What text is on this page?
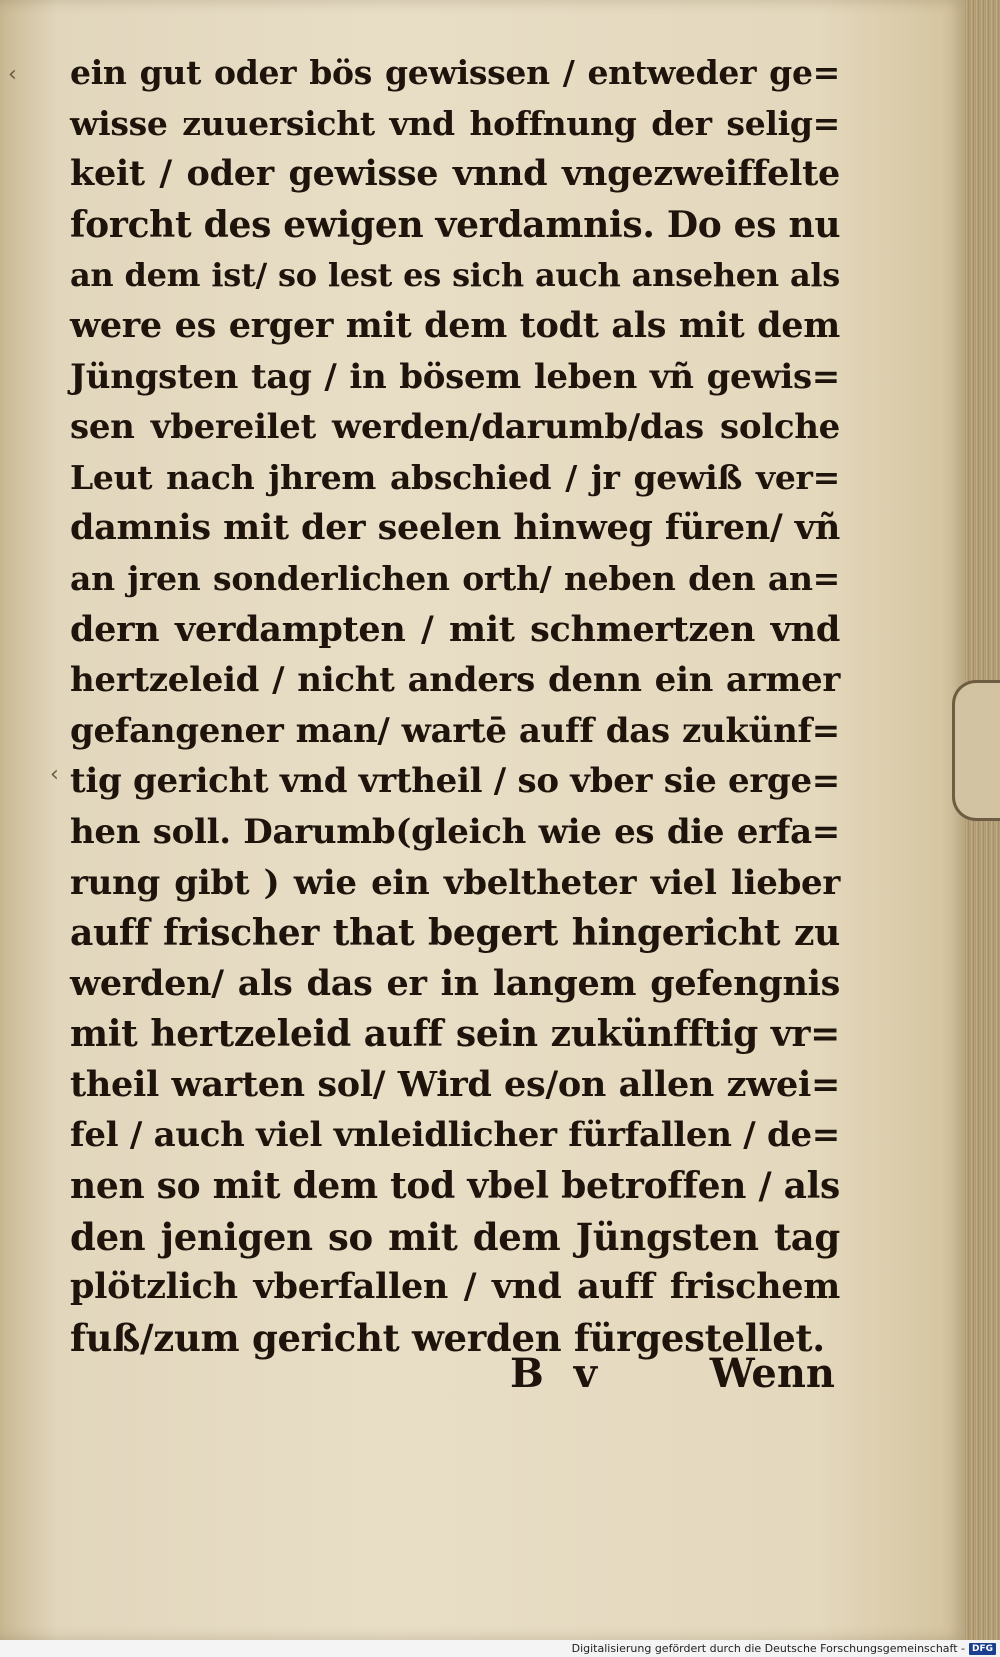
‹
‹
ein gut oder bös gewissen / entweder ge=
wisse zuuersicht vnd hoffnung der selig=
keit / oder gewisse vnnd vngezweiffelte
forcht des ewigen verdamnis. Do es nu
an dem ist/ so lest es sich auch ansehen als
were es erger mit dem todt als mit dem
Jüngsten tag / in bösem leben vñ gewis=
sen vbereilet werden/darumb/das solche
Leut nach jhrem abschied / jr gewiß ver=
damnis mit der seelen hinweg füren/ vñ
an jren sonderlichen orth/ neben den an=
dern verdampten / mit schmertzen vnd
hertzeleid / nicht anders denn ein armer
gefangener man/ wartē auff das zukünf=
tig gericht vnd vrtheil / so vber sie erge=
hen soll. Darumb(gleich wie es die erfa=
rung gibt ) wie ein vbeltheter viel lieber
auff frischer that begert hingericht zu
werden/ als das er in langem gefengnis
mit hertzeleid auff sein zukünfftig vr=
theil warten sol/ Wird es/on allen zwei=
fel / auch viel vnleidlicher fürfallen / de=
nen so mit dem tod vbel betroffen / als
den jenigen so mit dem Jüngsten tag
plötzlich vberfallen / vnd auff frischem
fuß/zum gericht werden fürgestellet.
B v	Wenn
Digitalisierung gefördert durch die Deutsche Forschungsgemeinschaft - DFG
